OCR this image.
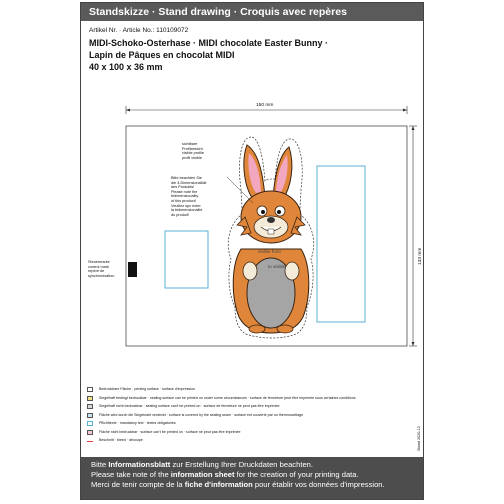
Standskizze · Stand drawing · Croquis avec repères
Artikel Nr. · Article No.: 110109072
MIDI-Schoko-Osterhase · MIDI chocolate Easter Bunny ·
Lapin de Pâques en chocolat MIDI
40 x 100 x 36 mm
visible front
to visible
Steuermarke
control mark
repère de
synchronisation
sichtbare
Profilansicht
visible profile
profil visible
Bitte beachten Sie
die 3-Dimensionalität
des Produkts!
Please note the
tridimensionality
of this product!
Veuillez spv noter
la tridimensionalité
du produit!
150 mm
133 mm
Bedruckbare Fläche · printing surface · surface d'impression
Siegelhaft bedingt bedruckbar · sealing surface can be printed on under some circumstances · surface de fermeture peut être imprimée sous certaines conditions
Siegelhaft nicht bedruckbar · sealing surface can't be printed on · surface de fermeture ne peut pas être imprimée
Fläche wird durch die Siegelnaht verdeckt · surface is covered by the sealing seam · surface est couverte par un thermoscellage
Pflichttexte · mandatory text · textes obligatoires
Fläche nicht bedruckbar · surface can't be printed on · surface ne peut pas être imprimée
Beschnitt · bleed · découpe	Stand 2020-12
Bitte Informationsblatt zur Erstellung Ihrer Druckdaten beachten.
Please take note of the information sheet for the creation of your printing data.
Merci de tenir compte de la fiche d'information pour établir vos données d'impression.
